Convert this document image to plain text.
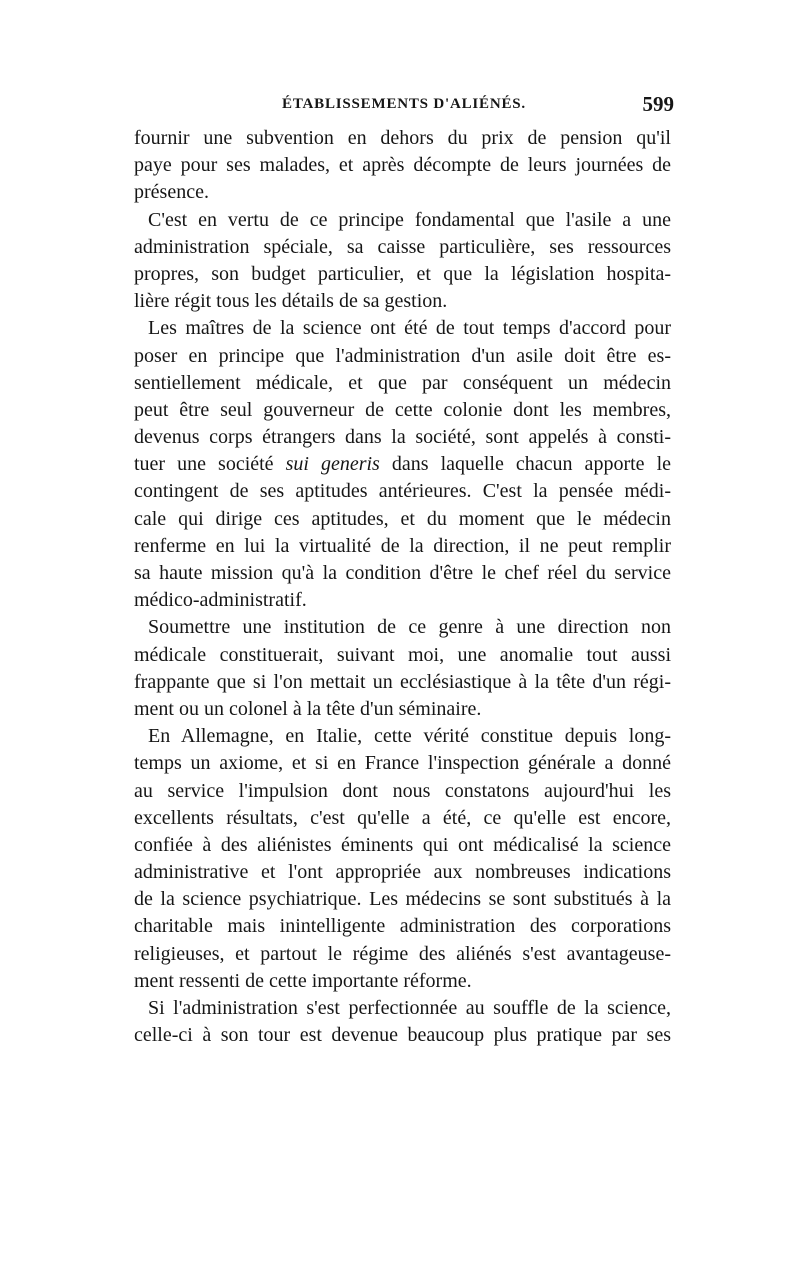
ÉTABLISSEMENTS D'ALIÉNÉS.	599
fournir une subvention en dehors du prix de pension qu'il
paye pour ses malades, et après décompte de leurs journées de
présence.
C'est en vertu de ce principe fondamental que l'asile a une
administration spéciale, sa caisse particulière, ses ressources
propres, son budget particulier, et que la législation hospita-
lière régit tous les détails de sa gestion.
Les maîtres de la science ont été de tout temps d'accord pour
poser en principe que l'administration d'un asile doit être es-
sentiellement médicale, et que par conséquent un médecin
peut être seul gouverneur de cette colonie dont les membres,
devenus corps étrangers dans la société, sont appelés à consti-
tuer une société sui generis dans laquelle chacun apporte le
contingent de ses aptitudes antérieures. C'est la pensée médi-
cale qui dirige ces aptitudes, et du moment que le médecin
renferme en lui la virtualité de la direction, il ne peut remplir
sa haute mission qu'à la condition d'être le chef réel du service
médico-administratif.
Soumettre une institution de ce genre à une direction non
médicale constituerait, suivant moi, une anomalie tout aussi
frappante que si l'on mettait un ecclésiastique à la tête d'un régi-
ment ou un colonel à la tête d'un séminaire.
En Allemagne, en Italie, cette vérité constitue depuis long-
temps un axiome, et si en France l'inspection générale a donné
au service l'impulsion dont nous constatons aujourd'hui les
excellents résultats, c'est qu'elle a été, ce qu'elle est encore,
confiée à des aliénistes éminents qui ont médicalisé la science
administrative et l'ont appropriée aux nombreuses indications
de la science psychiatrique. Les médecins se sont substitués à la
charitable mais inintelligente administration des corporations
religieuses, et partout le régime des aliénés s'est avantageuse-
ment ressenti de cette importante réforme.
Si l'administration s'est perfectionnée au souffle de la science,
celle-ci à son tour est devenue beaucoup plus pratique par ses
